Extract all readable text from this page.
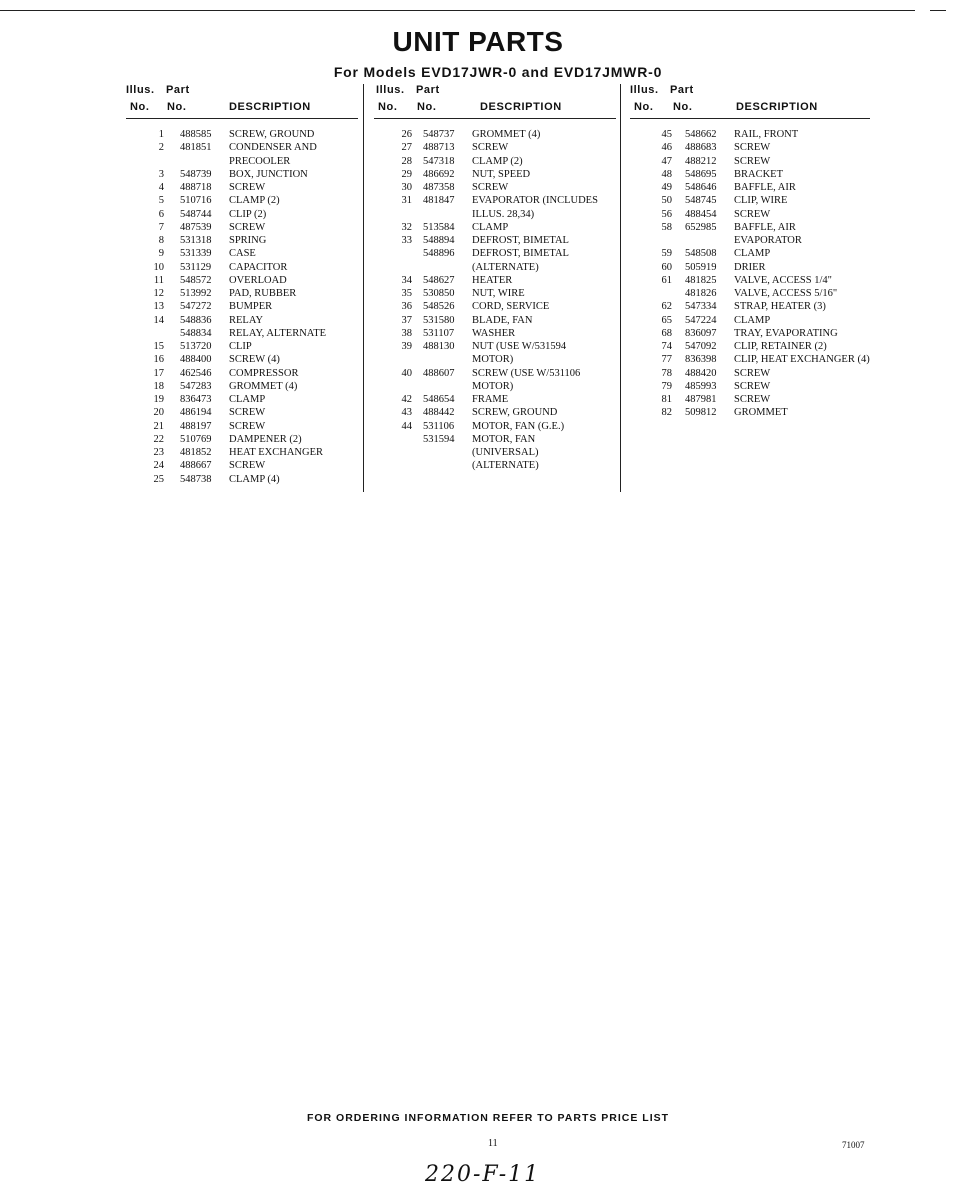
UNIT PARTS
For Models EVD17JWR-0 and EVD17JMWR-0
Illus. Part
No. No.	DESCRIPTION
1 488585 SCREW, GROUND
2 481851 CONDENSER AND
PRECOOLER
3 548739 BOX, JUNCTION
4 488718 SCREW
5 510716 CLAMP (2)
6 548744 CLIP (2)
7 487539 SCREW
8 531318 SPRING
9 531339 CASE
10 531129 CAPACITOR
11 548572 OVERLOAD
12 513992 PAD, RUBBER
13 547272 BUMPER
14 548836 RELAY
548834 RELAY, ALTERNATE
15 513720 CLIP
16 488400 SCREW (4)
17 462546 COMPRESSOR
18 547283 GROMMET (4)
19 836473 CLAMP
20 486194 SCREW
21 488197 SCREW
22 510769 DAMPENER (2)
23 481852 HEAT EXCHANGER
24 488667 SCREW
25 548738 CLAMP (4)
Illus. Part
No. No.	DESCRIPTION
26 548737 GROMMET (4)
27 488713 SCREW
28 547318 CLAMP (2)
29 486692 NUT, SPEED
30 487358 SCREW
31 481847 EVAPORATOR (INCLUDES
ILLUS. 28,34)
32 513584 CLAMP
33 548894 DEFROST, BIMETAL
548896 DEFROST, BIMETAL
(ALTERNATE)
34 548627 HEATER
35 530850 NUT, WIRE
36 548526 CORD, SERVICE
37 531580 BLADE, FAN
38 531107 WASHER
39 488130 NUT (USE W/531594
MOTOR)
40 488607 SCREW (USE W/531106
MOTOR)
42 548654 FRAME
43 488442 SCREW, GROUND
44 531106 MOTOR, FAN (G.E.)
531594 MOTOR, FAN
(UNIVERSAL)
(ALTERNATE)
Illus. Part
No. No.	DESCRIPTION
45 548662 RAIL, FRONT
46 488683 SCREW
47 488212 SCREW
48 548695 BRACKET
49 548646 BAFFLE, AIR
50 548745 CLIP, WIRE
56 488454 SCREW
58 652985 BAFFLE, AIR
EVAPORATOR
59 548508 CLAMP
60 505919 DRIER
61 481825 VALVE, ACCESS 1/4"
481826 VALVE, ACCESS 5/16"
62 547334 STRAP, HEATER (3)
65 547224 CLAMP
68 836097 TRAY, EVAPORATING
74 547092 CLIP, RETAINER (2)
77 836398 CLIP, HEAT EXCHANGER (4)
78 488420 SCREW
79 485993 SCREW
81 487981 SCREW
82 509812 GROMMET
FOR ORDERING INFORMATION REFER TO PARTS PRICE LIST
11	71007
220-F-11
